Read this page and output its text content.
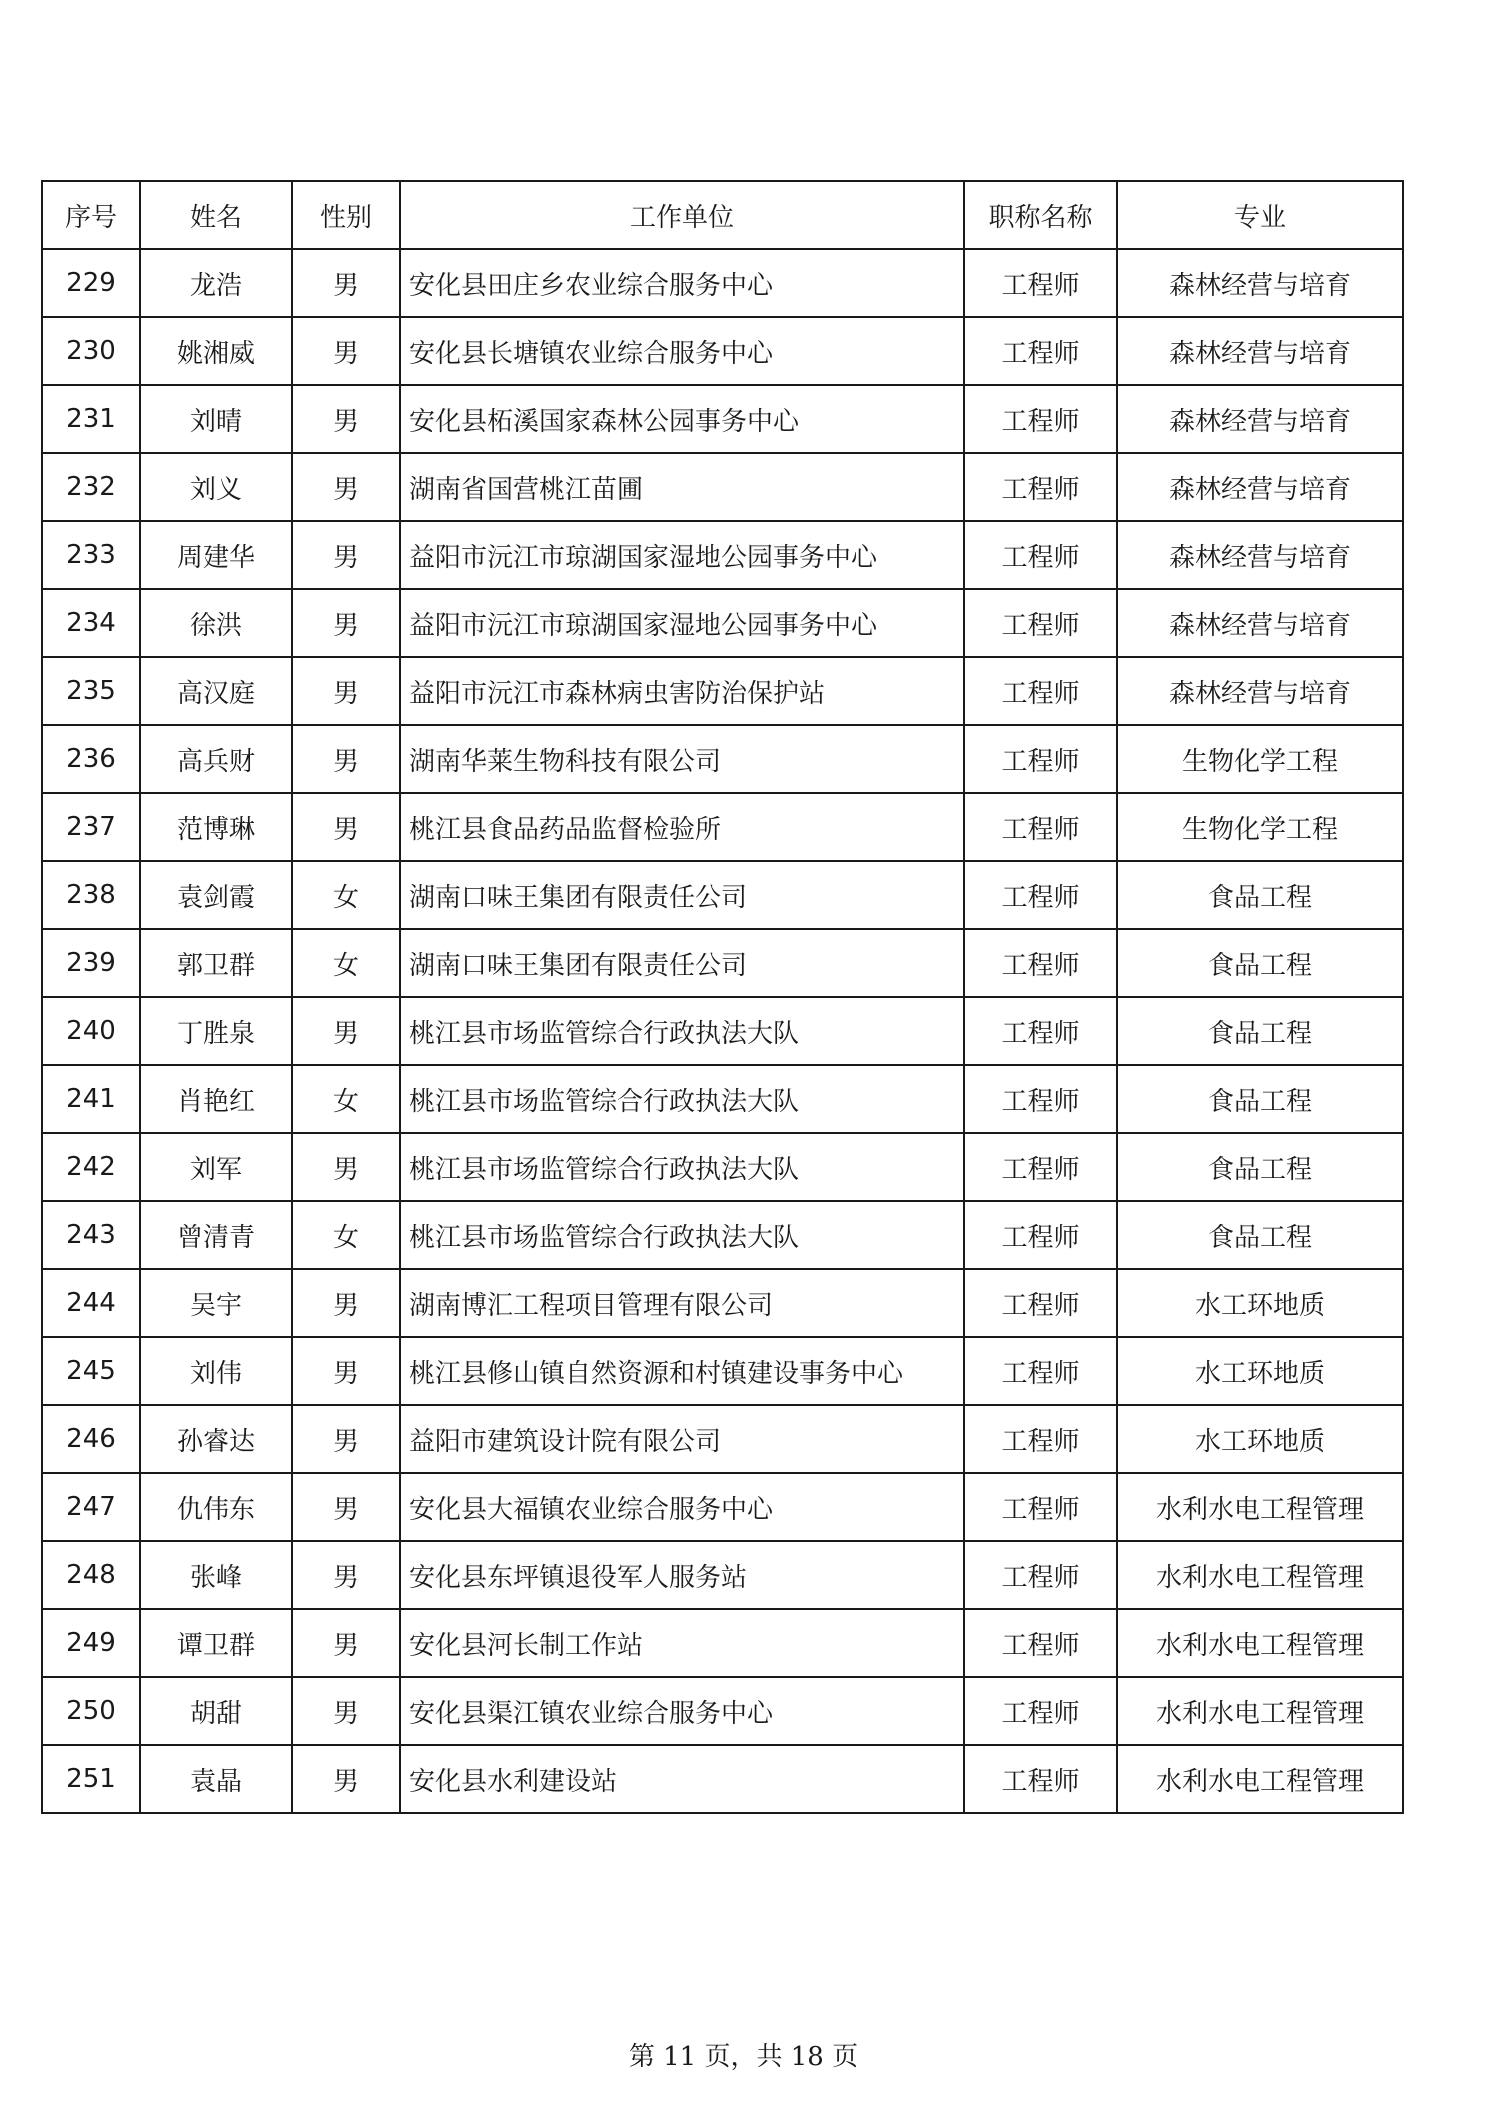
序号	姓名	性别	工作单位	职称名称	专业
229	龙浩	男	安化县田庄乡农业综合服务中心	工程师	森林经营与培育
230	姚湘威	男	安化县长塘镇农业综合服务中心	工程师	森林经营与培育
231	刘晴	男	安化县柘溪国家森林公园事务中心	工程师	森林经营与培育
232	刘义	男	湖南省国营桃江苗圃	工程师	森林经营与培育
233	周建华	男	益阳市沅江市琼湖国家湿地公园事务中心	工程师	森林经营与培育
234	徐洪	男	益阳市沅江市琼湖国家湿地公园事务中心	工程师	森林经营与培育
235	高汉庭	男	益阳市沅江市森林病虫害防治保护站	工程师	森林经营与培育
236	高兵财	男	湖南华莱生物科技有限公司	工程师	生物化学工程
237	范博琳	男	桃江县食品药品监督检验所	工程师	生物化学工程
238	袁剑霞	女	湖南口味王集团有限责任公司	工程师	食品工程
239	郭卫群	女	湖南口味王集团有限责任公司	工程师	食品工程
240	丁胜泉	男	桃江县市场监管综合行政执法大队	工程师	食品工程
241	肖艳红	女	桃江县市场监管综合行政执法大队	工程师	食品工程
242	刘军	男	桃江县市场监管综合行政执法大队	工程师	食品工程
243	曾清青	女	桃江县市场监管综合行政执法大队	工程师	食品工程
244	吴宇	男	湖南博汇工程项目管理有限公司	工程师	水工环地质
245	刘伟	男	桃江县修山镇自然资源和村镇建设事务中心	工程师	水工环地质
246	孙睿达	男	益阳市建筑设计院有限公司	工程师	水工环地质
247	仇伟东	男	安化县大福镇农业综合服务中心	工程师	水利水电工程管理
248	张峰	男	安化县东坪镇退役军人服务站	工程师	水利水电工程管理
249	谭卫群	男	安化县河长制工作站	工程师	水利水电工程管理
250	胡甜	男	安化县渠江镇农业综合服务中心	工程师	水利水电工程管理
251	袁晶	男	安化县水利建设站	工程师	水利水电工程管理
第 11 页，共 18 页
